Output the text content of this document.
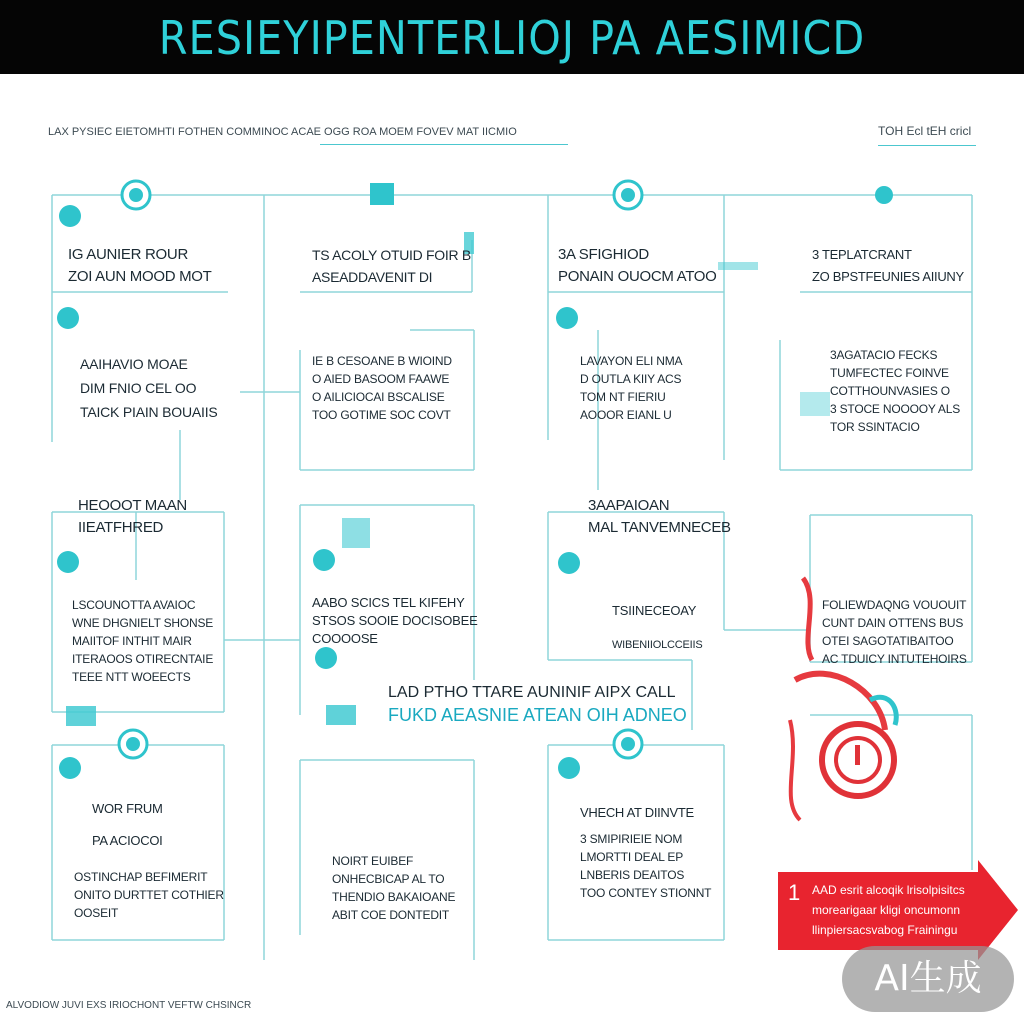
RESIEYIPENTERLIOJ PA AESIMICD
LAX PYSIEC EIETOMHTI FOTHEN COMMINOC ACAE OGG ROA MOEM FOVEV MAT IICMIO	TOH Ecl tEH cricl
IG AUNIER ROUR
ZOI AUN MOOD MOT
AAIHAVIO MOAE
DIM FNIO CEL OO
TAICK PIAIN BOUAIIS
TS ACOLY OTUID FOIR B
ASEADDAVENIT DI
IE B CESOANE B WIOIND
O AIED BASOOM FAAWE
O AILICIOCAI BSCALISE
TOO GOTIME SOC COVT
3A SFIGHIOD
PONAIN OUOCM ATOO
LAVAYON ELI NMA
D OUTLA KIIY ACS
TOM NT FIERIU
AOOOR EIANL U
3 TEPLATCRANT
ZO BPSTFEUNIES AIIUNY
3AGATACIO FECKS
TUMFECTEC FOINVE
COTTHOUNVASIES O
3 STOCE NOOOOY ALS
TOR SSINTACIO
HEOOOT MAAN
IIEATFHRED
LSCOUNOTTA AVAIOC
WNE DHGNIELT SHONSE
MAIITOF INTHIT MAIR
ITERAOOS OTIRECNTAIE
TEEE NTT WOEECTS
AABO SCICS TEL KIFEHY
STSOS SOOIE DOCISOBEE
COOOOSE
3AAPAIOAN
MAL TANVEMNECEB
TSIINECEOAY
WIBENIIOLCCEIIS
FOLIEWDAQNG VOUOUIT
CUNT DAIN OTTENS BUS
OTEI SAGOTATIBAITOO
AC TDUICY INTUTEHOIRS
LAD PTHO TTARE AUNINIF AIPX CALL
FUKD AEASNIE ATEAN OIH ADNEO
WOR FRUM
PA ACIOCOI
OSTINCHAP BEFIMERIT
ONITO DURTTET COTHIER
OOSEIT
NOIRT EUIBEF
ONHECBICAP AL TO
THENDIO BAKAIOANE
ABIT COE DONTEDIT
VHECH AT DIINVTE
3 SMIPIRIEIE NOM
LMORTTI DEAL EP
LNBERIS DEAITOS
TOO CONTEY STIONNT	1 AAD esrit alcoqik lrisolpisitcs
morearigaar kligi oncumonn
llinpiersacsvabog Frainingu
ALVODIOW JUVI EXS IRIOCHONT VEFTW CHSINCR
AI生成
